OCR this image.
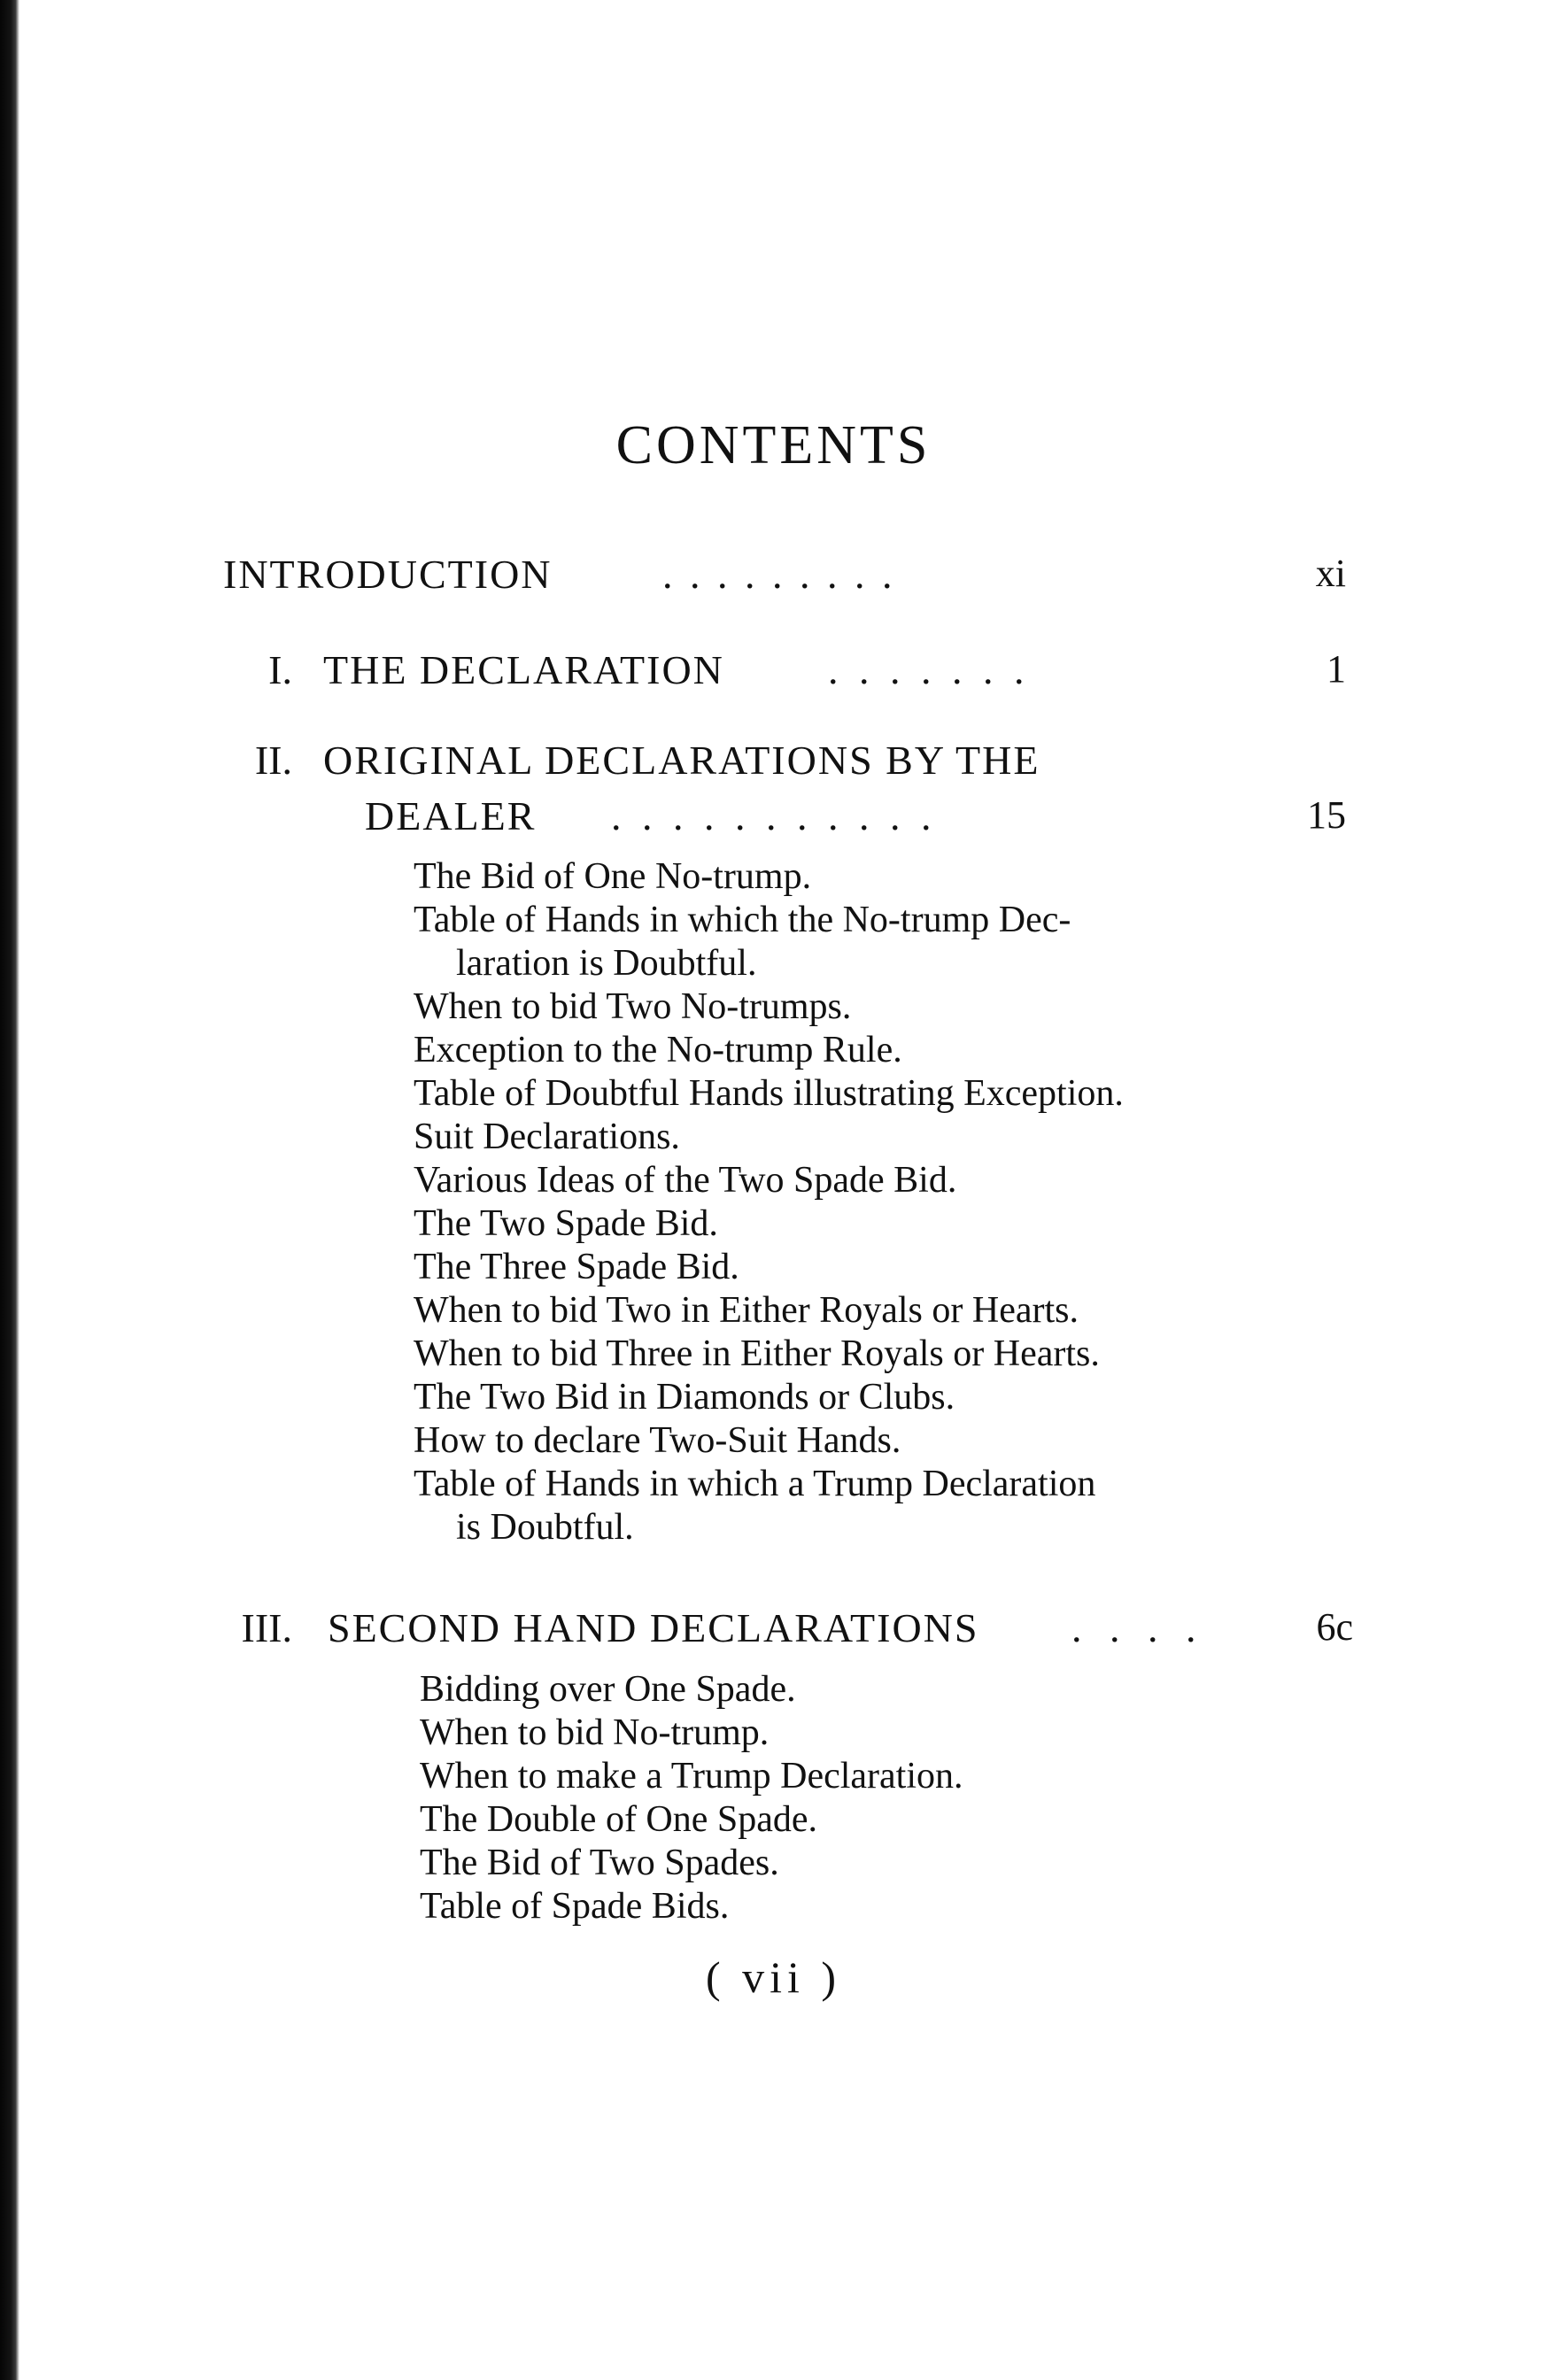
CONTENTS
INTRODUCTION	. . . . . . . . .	xi
I. THE DECLARATION	. . . . . . .	1
II. ORIGINAL DECLARATIONS BY THE
DEALER . . . . . . . . . . .	15
The Bid of One No-trump.
Table of Hands in which the No-trump Dec-
laration is Doubtful.
When to bid Two No-trumps.
Exception to the No-trump Rule.
Table of Doubtful Hands illustrating Exception.
Suit Declarations.
Various Ideas of the Two Spade Bid.
The Two Spade Bid.
The Three Spade Bid.
When to bid Two in Either Royals or Hearts.
When to bid Three in Either Royals or Hearts.
The Two Bid in Diamonds or Clubs.
How to declare Two-Suit Hands.
Table of Hands in which a Trump Declaration
is Doubtful.
III. SECOND HAND DECLARATIONS . . . .	6c
Bidding over One Spade.
When to bid No-trump.
When to make a Trump Declaration.
The Double of One Spade.
The Bid of Two Spades.
Table of Spade Bids.
( vii )
